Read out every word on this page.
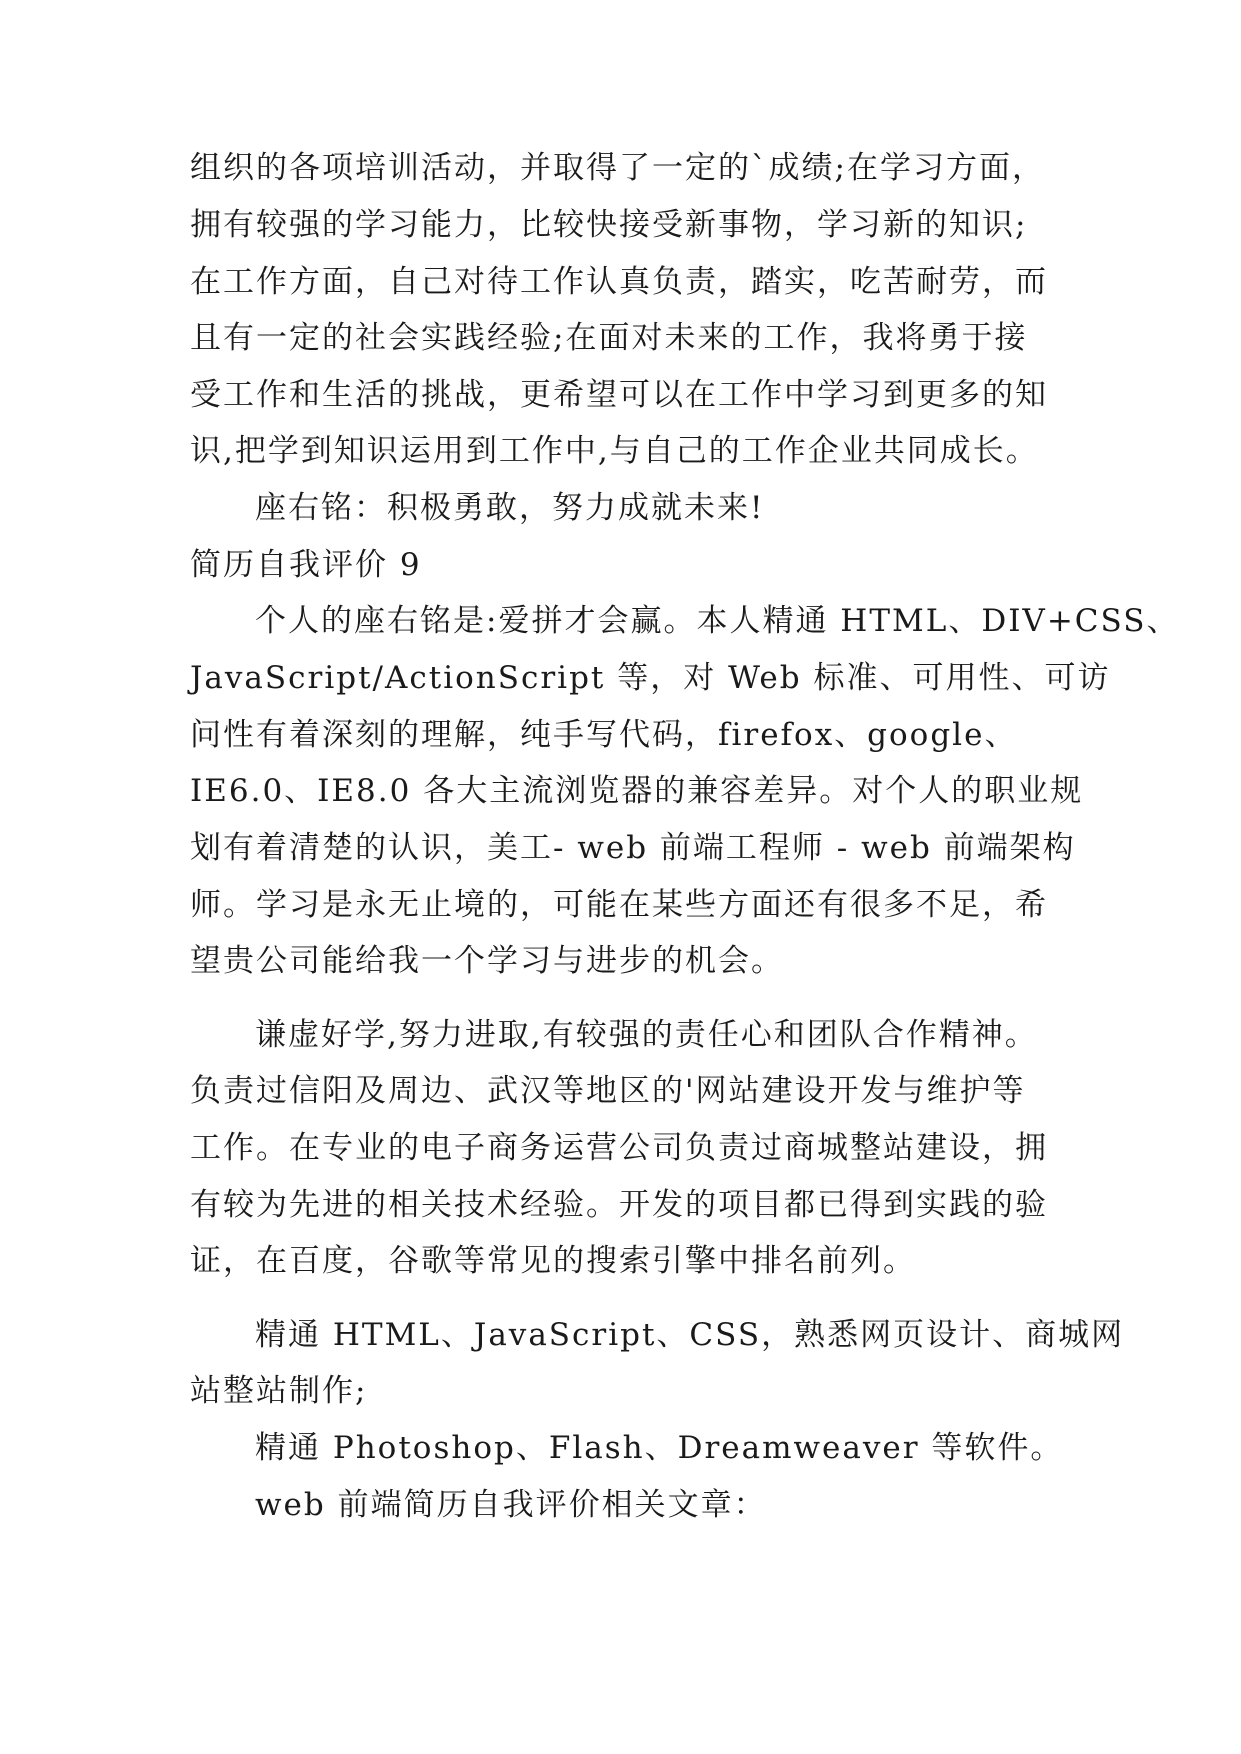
组织的各项培训活动，并取得了一定的`成绩;在学习方面，

拥有较强的学习能力，比较快接受新事物，学习新的知识;

在工作方面，自己对待工作认真负责，踏实，吃苦耐劳，而

且有一定的社会实践经验;在面对未来的工作，我将勇于接

受工作和生活的挑战，更希望可以在工作中学习到更多的知

识,把学到知识运用到工作中,与自己的工作企业共同成长。

座右铭：积极勇敢，努力成就未来!

简历自我评价 9

个人的座右铭是:爱拼才会赢。本人精通 HTML、DIV+CSS、

JavaScript/ActionScript 等，对 Web 标准、可用性、可访

问性有着深刻的理解，纯手写代码，firefox、google、

IE6.0、IE8.0 各大主流浏览器的兼容差异。对个人的职业规

划有着清楚的认识，美工- web 前端工程师 - web 前端架构

师。学习是永无止境的，可能在某些方面还有很多不足，希

望贵公司能给我一个学习与进步的机会。

谦虚好学,努力进取,有较强的责任心和团队合作精神。

负责过信阳及周边、武汉等地区的'网站建设开发与维护等

工作。在专业的电子商务运营公司负责过商城整站建设，拥

有较为先进的相关技术经验。开发的项目都已得到实践的验

证，在百度，谷歌等常见的搜索引擎中排名前列。

精通 HTML、JavaScript、CSS，熟悉网页设计、商城网

站整站制作;

精通 Photoshop、Flash、Dreamweaver 等软件。

web 前端简历自我评价相关文章：
